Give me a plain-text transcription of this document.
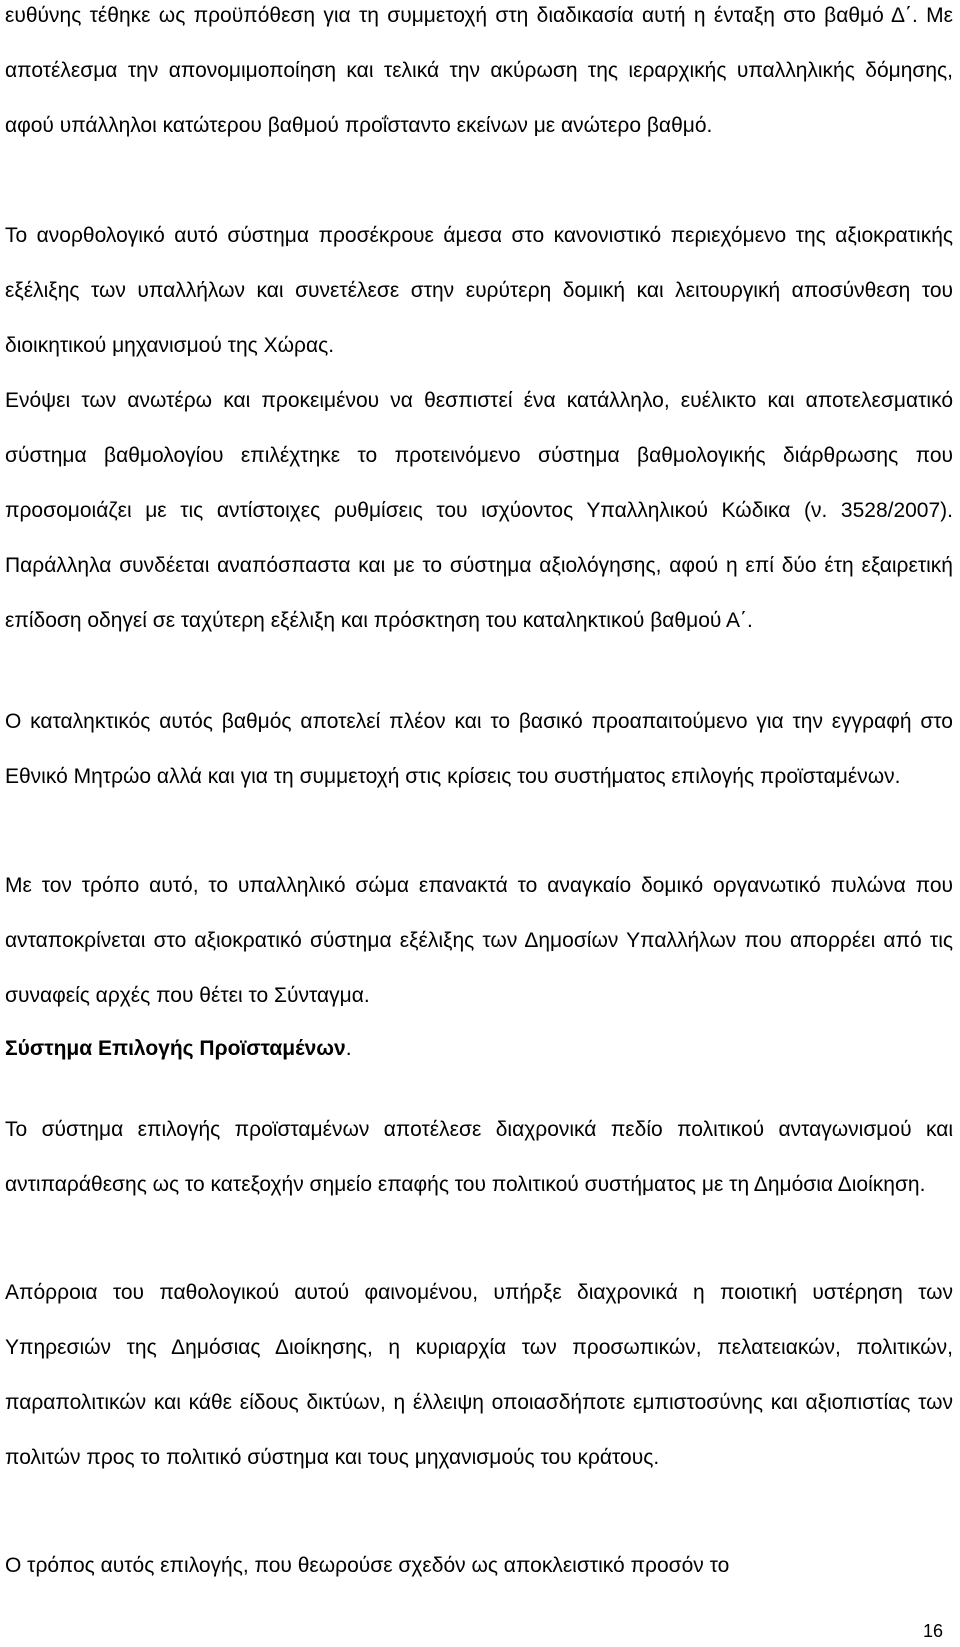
ευθύνης τέθηκε ως προϋπόθεση για τη συμμετοχή στη διαδικασία αυτή η ένταξη στο βαθμό Δ΄. Με αποτέλεσμα την απονομιμοποίηση και τελικά την ακύρωση της ιεραρχικής υπαλληλικής δόμησης, αφού υπάλληλοι κατώτερου βαθμού προΐσταντο εκείνων με ανώτερο βαθμό.

Το ανορθολογικό αυτό σύστημα προσέκρουε άμεσα στο κανονιστικό περιεχόμενο της αξιοκρατικής εξέλιξης των υπαλλήλων και συνετέλεσε στην ευρύτερη δομική και λειτουργική αποσύνθεση του διοικητικού μηχανισμού της Χώρας.

Ενόψει των ανωτέρω και προκειμένου να θεσπιστεί ένα κατάλληλο, ευέλικτο και αποτελεσματικό σύστημα βαθμολογίου επιλέχτηκε το προτεινόμενο σύστημα βαθμολογικής διάρθρωσης που προσομοιάζει με τις αντίστοιχες ρυθμίσεις του ισχύοντος Υπαλληλικού Κώδικα (ν. 3528/2007). Παράλληλα συνδέεται αναπόσπαστα και με το σύστημα αξιολόγησης, αφού η επί δύο έτη εξαιρετική επίδοση οδηγεί σε ταχύτερη εξέλιξη και πρόσκτηση του καταληκτικού βαθμού Α΄.

Ο καταληκτικός αυτός βαθμός αποτελεί πλέον και το βασικό προαπαιτούμενο για την εγγραφή στο Εθνικό Μητρώο αλλά και για τη συμμετοχή στις κρίσεις του συστήματος επιλογής προϊσταμένων.

Με τον τρόπο αυτό, το υπαλληλικό σώμα επανακτά το αναγκαίο δομικό οργανωτικό πυλώνα που ανταποκρίνεται στο αξιοκρατικό σύστημα εξέλιξης των Δημοσίων Υπαλλήλων που απορρέει από τις συναφείς αρχές που θέτει το Σύνταγμα.

Σύστημα Επιλογής Προϊσταμένων.

Το σύστημα επιλογής προϊσταμένων αποτέλεσε διαχρονικά πεδίο πολιτικού ανταγωνισμού και αντιπαράθεσης ως το κατεξοχήν σημείο επαφής του πολιτικού συστήματος με τη Δημόσια Διοίκηση.

Απόρροια του παθολογικού αυτού φαινομένου, υπήρξε διαχρονικά η ποιοτική υστέρηση των Υπηρεσιών της Δημόσιας Διοίκησης, η κυριαρχία των προσωπικών, πελατειακών, πολιτικών, παραπολιτικών και κάθε είδους δικτύων, η έλλειψη οποιασδήποτε εμπιστοσύνης και αξιοπιστίας των πολιτών προς το πολιτικό σύστημα και τους μηχανισμούς του κράτους.

Ο τρόπος αυτός επιλογής, που θεωρούσε σχεδόν ως αποκλειστικό προσόν το

16
